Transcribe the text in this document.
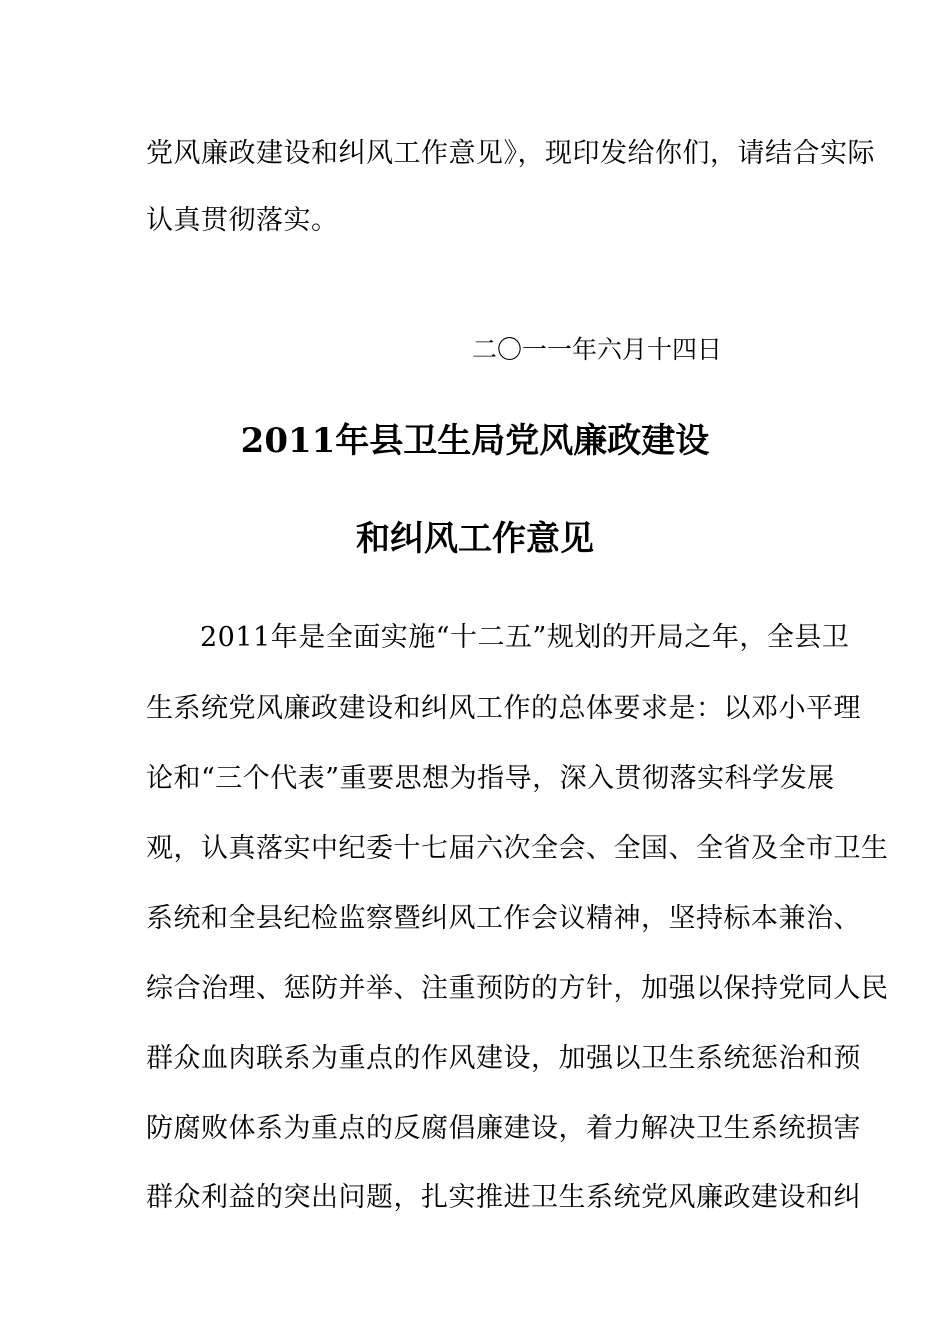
党风廉政建设和纠风工作意见》，现印发给你们，请结合实际
认真贯彻落实。
二〇一一年六月十四日
2011年县卫生局党风廉政建设
和纠风工作意见
2011年是全面实施“十二五”规划的开局之年，全县卫
生系统党风廉政建设和纠风工作的总体要求是：以邓小平理
论和“三个代表”重要思想为指导，深入贯彻落实科学发展
观，认真落实中纪委十七届六次全会、全国、全省及全市卫生
系统和全县纪检监察暨纠风工作会议精神，坚持标本兼治、
综合治理、惩防并举、注重预防的方针，加强以保持党同人民
群众血肉联系为重点的作风建设，加强以卫生系统惩治和预
防腐败体系为重点的反腐倡廉建设，着力解决卫生系统损害
群众利益的突出问题，扎实推进卫生系统党风廉政建设和纠
